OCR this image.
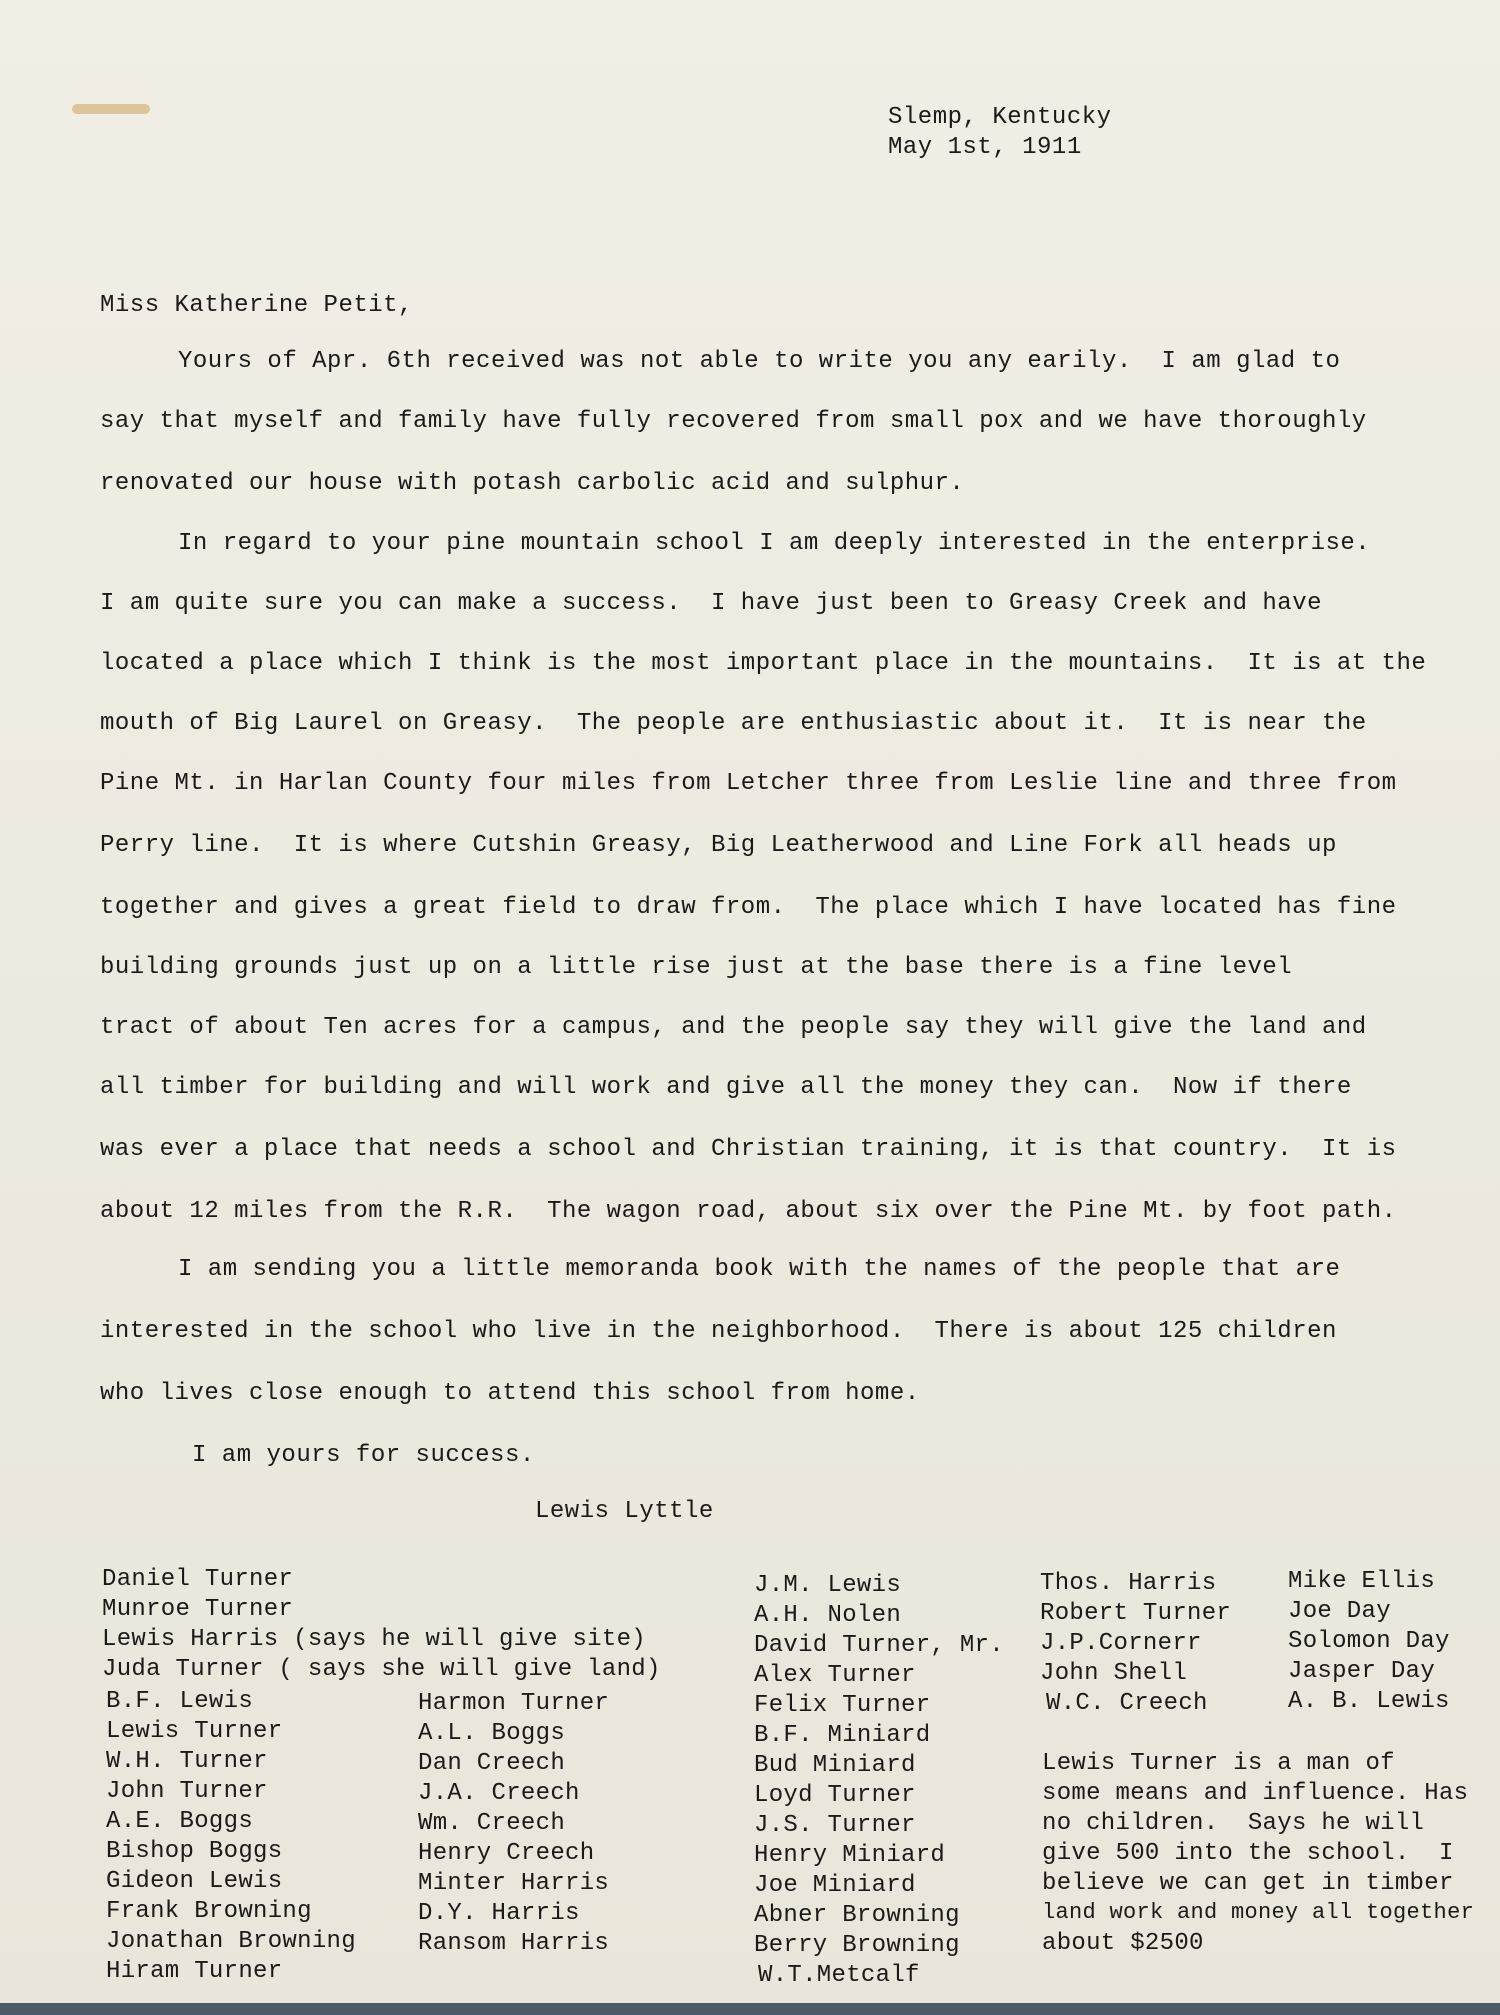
Slemp, Kentucky
May 1st, 1911
Miss Katherine Petit,
Yours of Apr. 6th received was not able to write you any earily.  I am glad to
say that myself and family have fully recovered from small pox and we have thoroughly
renovated our house with potash carbolic acid and sulphur.
In regard to your pine mountain school I am deeply interested in the enterprise.
I am quite sure you can make a success.  I have just been to Greasy Creek and have
located a place which I think is the most important place in the mountains.  It is at the
mouth of Big Laurel on Greasy.  The people are enthusiastic about it.  It is near the
Pine Mt. in Harlan County four miles from Letcher three from Leslie line and three from
Perry line.  It is where Cutshin Greasy, Big Leatherwood and Line Fork all heads up
together and gives a great field to draw from.  The place which I have located has fine
building grounds just up on a little rise just at the base there is a fine level
tract of about Ten acres for a campus, and the people say they will give the land and
all timber for building and will work and give all the money they can.  Now if there
was ever a place that needs a school and Christian training, it is that country.  It is
about 12 miles from the R.R.  The wagon road, about six over the Pine Mt. by foot path.
I am sending you a little memoranda book with the names of the people that are
interested in the school who live in the neighborhood.  There is about 125 children
who lives close enough to attend this school from home.
I am yours for success.
Lewis Lyttle
Daniel Turner
Munroe Turner
Lewis Harris (says he will give site)
Juda Turner ( says she will give land)
B.F. Lewis
Lewis Turner
W.H. Turner
John Turner
A.E. Boggs
Bishop Boggs
Gideon Lewis
Frank Browning
Jonathan Browning
Hiram Turner
Harmon Turner
A.L. Boggs
Dan Creech
J.A. Creech
Wm. Creech
Henry Creech
Minter Harris
D.Y. Harris
Ransom Harris
J.M. Lewis
A.H. Nolen
David Turner, Mr.
Alex Turner
Felix Turner
B.F. Miniard
Bud Miniard
Loyd Turner
J.S. Turner
Henry Miniard
Joe Miniard
Abner Browning
Berry Browning
W.T.Metcalf
Thos. Harris
Robert Turner
J.P.Cornerr
John Shell
W.C. Creech
Mike Ellis
Joe Day
Solomon Day
Jasper Day
A. B. Lewis
Lewis Turner is a man of
some means and influence. Has
no children.  Says he will
give 500 into the school.  I
believe we can get in timber
land work and money all together
about $2500
